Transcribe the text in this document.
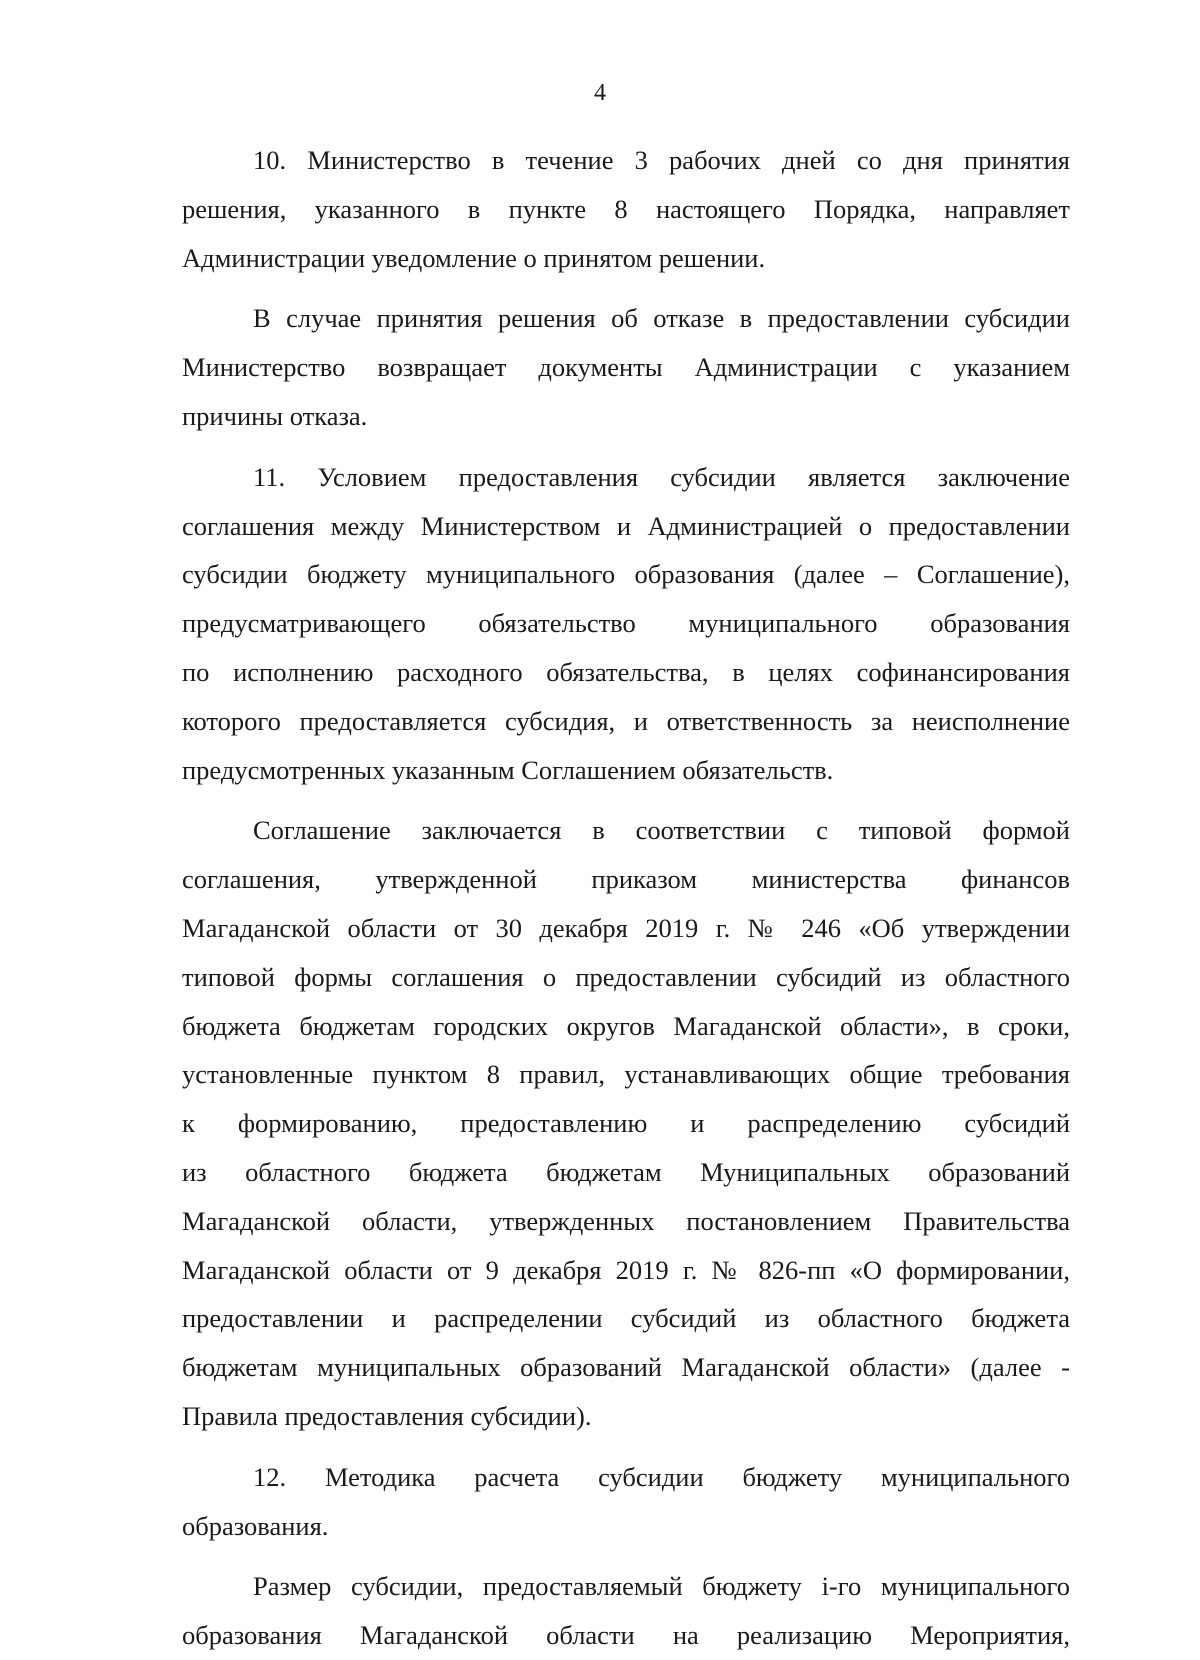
4
10. Министерство в течение 3 рабочих дней со дня принятия
решения, указанного в пункте 8 настоящего Порядка, направляет
Администрации уведомление о принятом решении.
В случае принятия решения об отказе в предоставлении субсидии
Министерство возвращает документы Администрации с указанием
причины отказа.
11. Условием предоставления субсидии является заключение
соглашения между Министерством и Администрацией о предоставлении
субсидии бюджету муниципального образования (далее – Соглашение),
предусматривающего обязательство муниципального образования
по исполнению расходного обязательства, в целях софинансирования
которого предоставляется субсидия, и ответственность за неисполнение
предусмотренных указанным Соглашением обязательств.
Соглашение заключается в соответствии с типовой формой
соглашения, утвержденной приказом министерства финансов
Магаданской области от 30 декабря 2019 г. № 246 «Об утверждении
типовой формы соглашения о предоставлении субсидий из областного
бюджета бюджетам городских округов Магаданской области», в сроки,
установленные пунктом 8 правил, устанавливающих общие требования
к формированию, предоставлению и распределению субсидий
из областного бюджета бюджетам Муниципальных образований
Магаданской области, утвержденных постановлением Правительства
Магаданской области от 9 декабря 2019 г. № 826-пп «О формировании,
предоставлении и распределении субсидий из областного бюджета
бюджетам муниципальных образований Магаданской области» (далее -
Правила предоставления субсидии).
12. Методика расчета субсидии бюджету муниципального
образования.
Размер субсидии, предоставляемый бюджету i-го муниципального
образования Магаданской области на реализацию Мероприятия,
